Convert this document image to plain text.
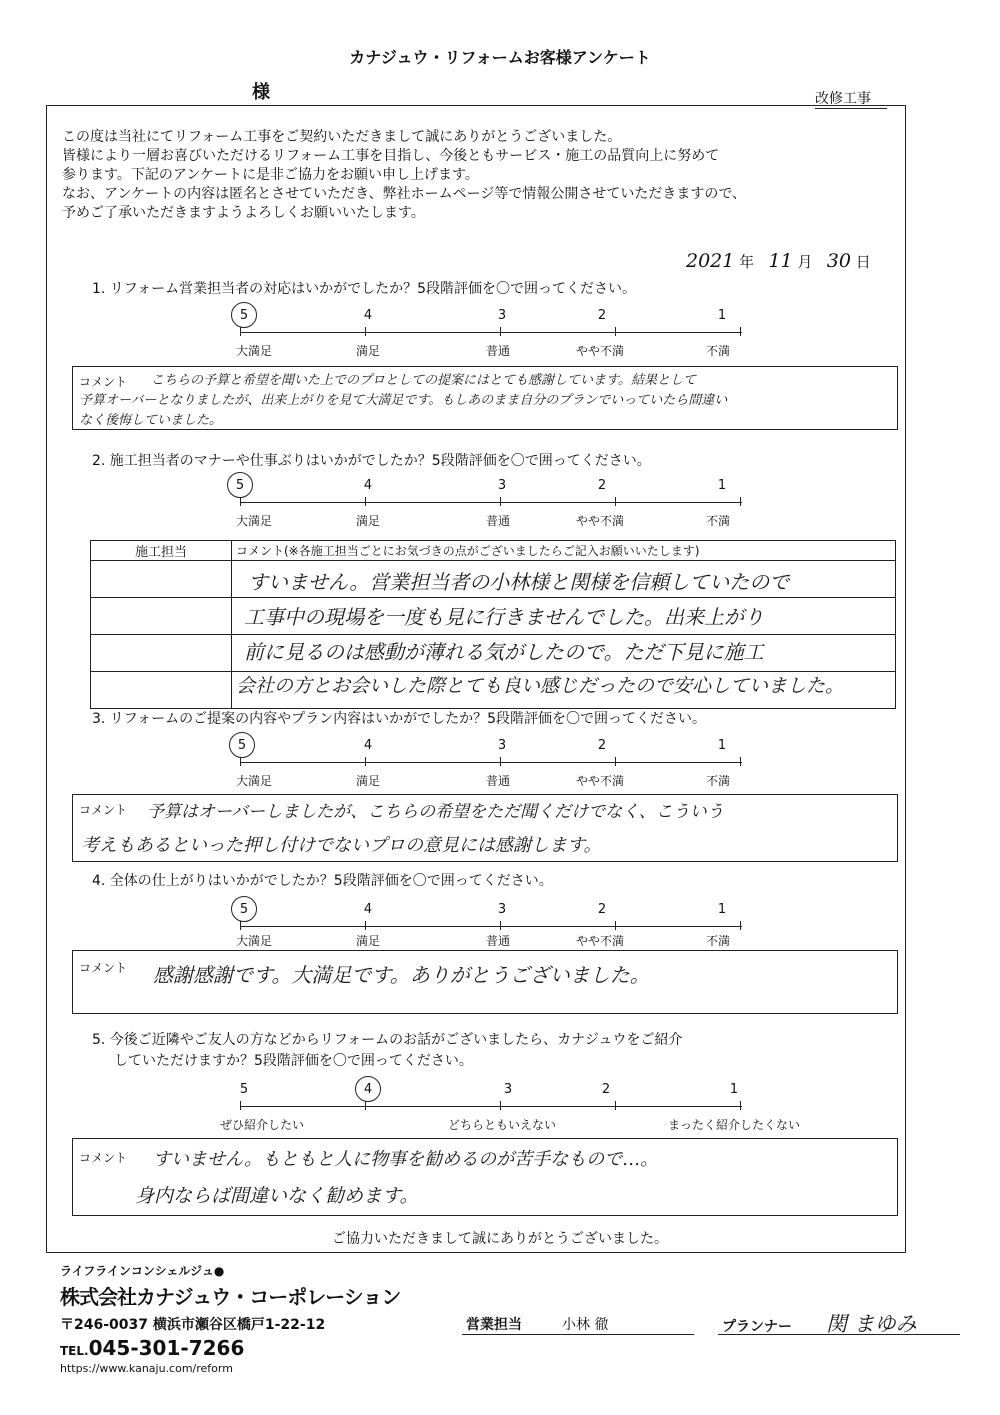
カナジュウ・リフォームお客様アンケート
様	改修工事
この度は当社にてリフォーム工事をご契約いただきまして誠にありがとうございました。
皆様により一層お喜びいただけるリフォーム工事を目指し、今後ともサービス・施工の品質向上に努めて
参ります。下記のアンケートに是非ご協力をお願い申し上げます。
なお、アンケートの内容は匿名とさせていただき、弊社ホームページ等で情報公開させていただきますので、
予めご了承いただきますようよろしくお願いいたします。
2021 年 11 月 30 日
1. リフォーム営業担当者の対応はいかがでしたか？5段階評価を〇で囲ってください。
5	4	3	2	1
大満足	満足	普通	やや不満	不満
コメント こちらの予算と希望を聞いた上でのプロとしての提案にはとても感謝しています。結果として
予算オーバーとなりましたが、出来上がりを見て大満足です。もしあのまま自分のプランでいっていたら間違い
なく後悔していました。
2. 施工担当者のマナーや仕事ぶりはいかがでしたか？5段階評価を〇で囲ってください。
5	4	3	2	1
大満足	満足	普通	やや不満	不満
施工担当	コメント(※各施工担当ごとにお気づきの点がございましたらご記入お願いいたします)

すいません。営業担当者の小林様と関様を信頼していたので
工事中の現場を一度も見に行きませんでした。出来上がり
前に見るのは感動が薄れる気がしたので。ただ下見に施工
会社の方とお会いした際とても良い感じだったので安心していました。
3. リフォームのご提案の内容やプラン内容はいかがでしたか？5段階評価を〇で囲ってください。
5	4	3	2	1
大満足	満足	普通	やや不満	不満
コメント 予算はオーバーしましたが、こちらの希望をただ聞くだけでなく、こういう
考えもあるといった押し付けでないプロの意見には感謝します。
4. 全体の仕上がりはいかがでしたか？5段階評価を〇で囲ってください。
5	4	3	2	1
大満足	満足	普通	やや不満	不満
コメント 感謝感謝です。大満足です。ありがとうございました。
5. 今後ご近隣やご友人の方などからリフォームのお話がございましたら、カナジュウをご紹介
していただけますか？5段階評価を〇で囲ってください。
5	4	3	2	1
ぜひ紹介したい	どちらともいえない	まったく紹介したくない
コメント すいません。もともと人に物事を勧めるのが苦手なもので…。
身内ならば間違いなく勧めます。
ご協力いただきまして誠にありがとうございました。
ライフラインコンシェルジュ●
株式会社カナジュウ・コーポレーション
〒246-0037 横浜市瀬谷区橋戸1-22-12
TEL.045-301-7266
https://www.kanaju.com/reform
営業担当	小林 徹	プランナー 関 まゆみ
